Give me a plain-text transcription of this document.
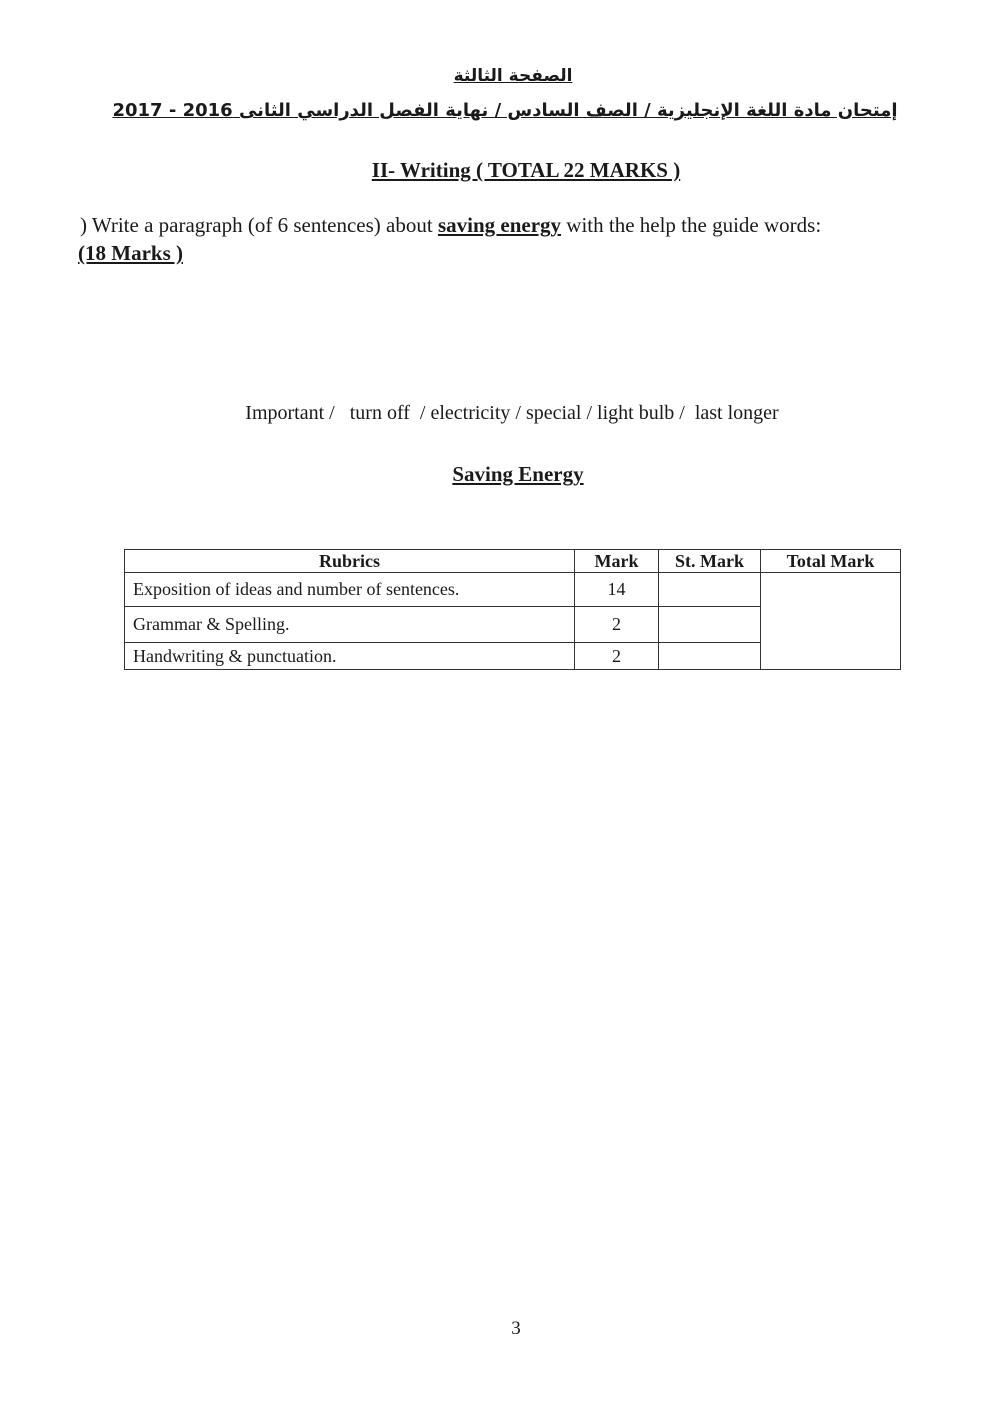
الصفحة الثالثة
إمتحان مادة اللغة الإنجليزية / الصف السادس / نهاية الفصل الدراسي الثانى 2016 - 2017
II- Writing ( TOTAL 22 MARKS )
) Write a paragraph (of 6 sentences) about saving energy with the help the guide words:
(18 Marks )
Important /   turn off  / electricity / special / light bulb /  last longer
Saving Energy
Rubrics	Mark	St. Mark	Total Mark
Exposition of ideas and number of sentences.	14		
Grammar & Spelling.	2		
Handwriting & punctuation.	2		
3
